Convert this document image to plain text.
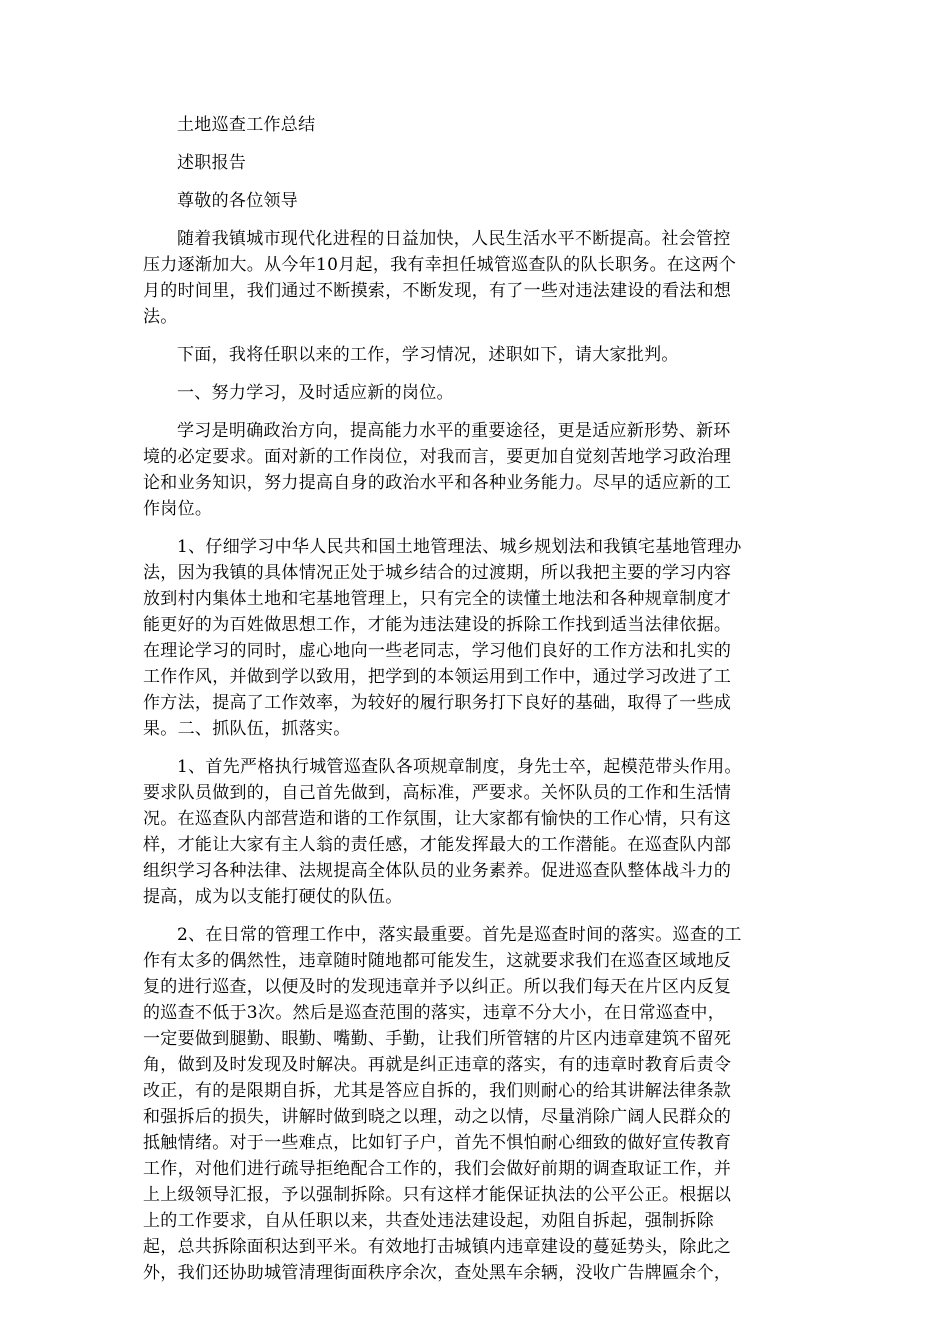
土地巡查工作总结

述职报告

尊敬的各位领导

随着我镇城市现代化进程的日益加快，人民生活水平不断提高。社会管控

压力逐渐加大。从今年10月起，我有幸担任城管巡查队的队长职务。在这两个

月的时间里，我们通过不断摸索，不断发现，有了一些对违法建设的看法和想

法。

下面，我将任职以来的工作，学习情况，述职如下，请大家批判。

一、努力学习，及时适应新的岗位。

学习是明确政治方向，提高能力水平的重要途径，更是适应新形势、新环

境的必定要求。面对新的工作岗位，对我而言，要更加自觉刻苦地学习政治理

论和业务知识，努力提高自身的政治水平和各种业务能力。尽早的适应新的工

作岗位。

1、仔细学习中华人民共和国土地管理法、城乡规划法和我镇宅基地管理办

法，因为我镇的具体情况正处于城乡结合的过渡期，所以我把主要的学习内容

放到村内集体土地和宅基地管理上，只有完全的读懂土地法和各种规章制度才

能更好的为百姓做思想工作，才能为违法建设的拆除工作找到适当法律依据。

在理论学习的同时，虚心地向一些老同志，学习他们良好的工作方法和扎实的

工作作风，并做到学以致用，把学到的本领运用到工作中，通过学习改进了工

作方法，提高了工作效率，为较好的履行职务打下良好的基础，取得了一些成

果。二、抓队伍，抓落实。

1、首先严格执行城管巡查队各项规章制度，身先士卒，起模范带头作用。

要求队员做到的，自己首先做到，高标准，严要求。关怀队员的工作和生活情

况。在巡查队内部营造和谐的工作氛围，让大家都有愉快的工作心情，只有这

样，才能让大家有主人翁的责任感，才能发挥最大的工作潜能。在巡查队内部

组织学习各种法律、法规提高全体队员的业务素养。促进巡查队整体战斗力的

提高，成为以支能打硬仗的队伍。

2、在日常的管理工作中，落实最重要。首先是巡查时间的落实。巡查的工

作有太多的偶然性，违章随时随地都可能发生，这就要求我们在巡查区域地反

复的进行巡查，以便及时的发现违章并予以纠正。所以我们每天在片区内反复

的巡查不低于3次。然后是巡查范围的落实，违章不分大小，在日常巡查中，

一定要做到腿勤、眼勤、嘴勤、手勤，让我们所管辖的片区内违章建筑不留死

角，做到及时发现及时解决。再就是纠正违章的落实，有的违章时教育后责令

改正，有的是限期自拆，尤其是答应自拆的，我们则耐心的给其讲解法律条款

和强拆后的损失，讲解时做到晓之以理，动之以情，尽量消除广阔人民群众的

抵触情绪。对于一些难点，比如钉子户，首先不惧怕耐心细致的做好宣传教育

工作，对他们进行疏导拒绝配合工作的，我们会做好前期的调查取证工作，并

上上级领导汇报，予以强制拆除。只有这样才能保证执法的公平公正。根据以

上的工作要求，自从任职以来，共查处违法建设起，劝阻自拆起，强制拆除

起，总共拆除面积达到平米。有效地打击城镇内违章建设的蔓延势头，除此之

外，我们还协助城管清理街面秩序余次，查处黑车余辆，没收广告牌匾余个，
